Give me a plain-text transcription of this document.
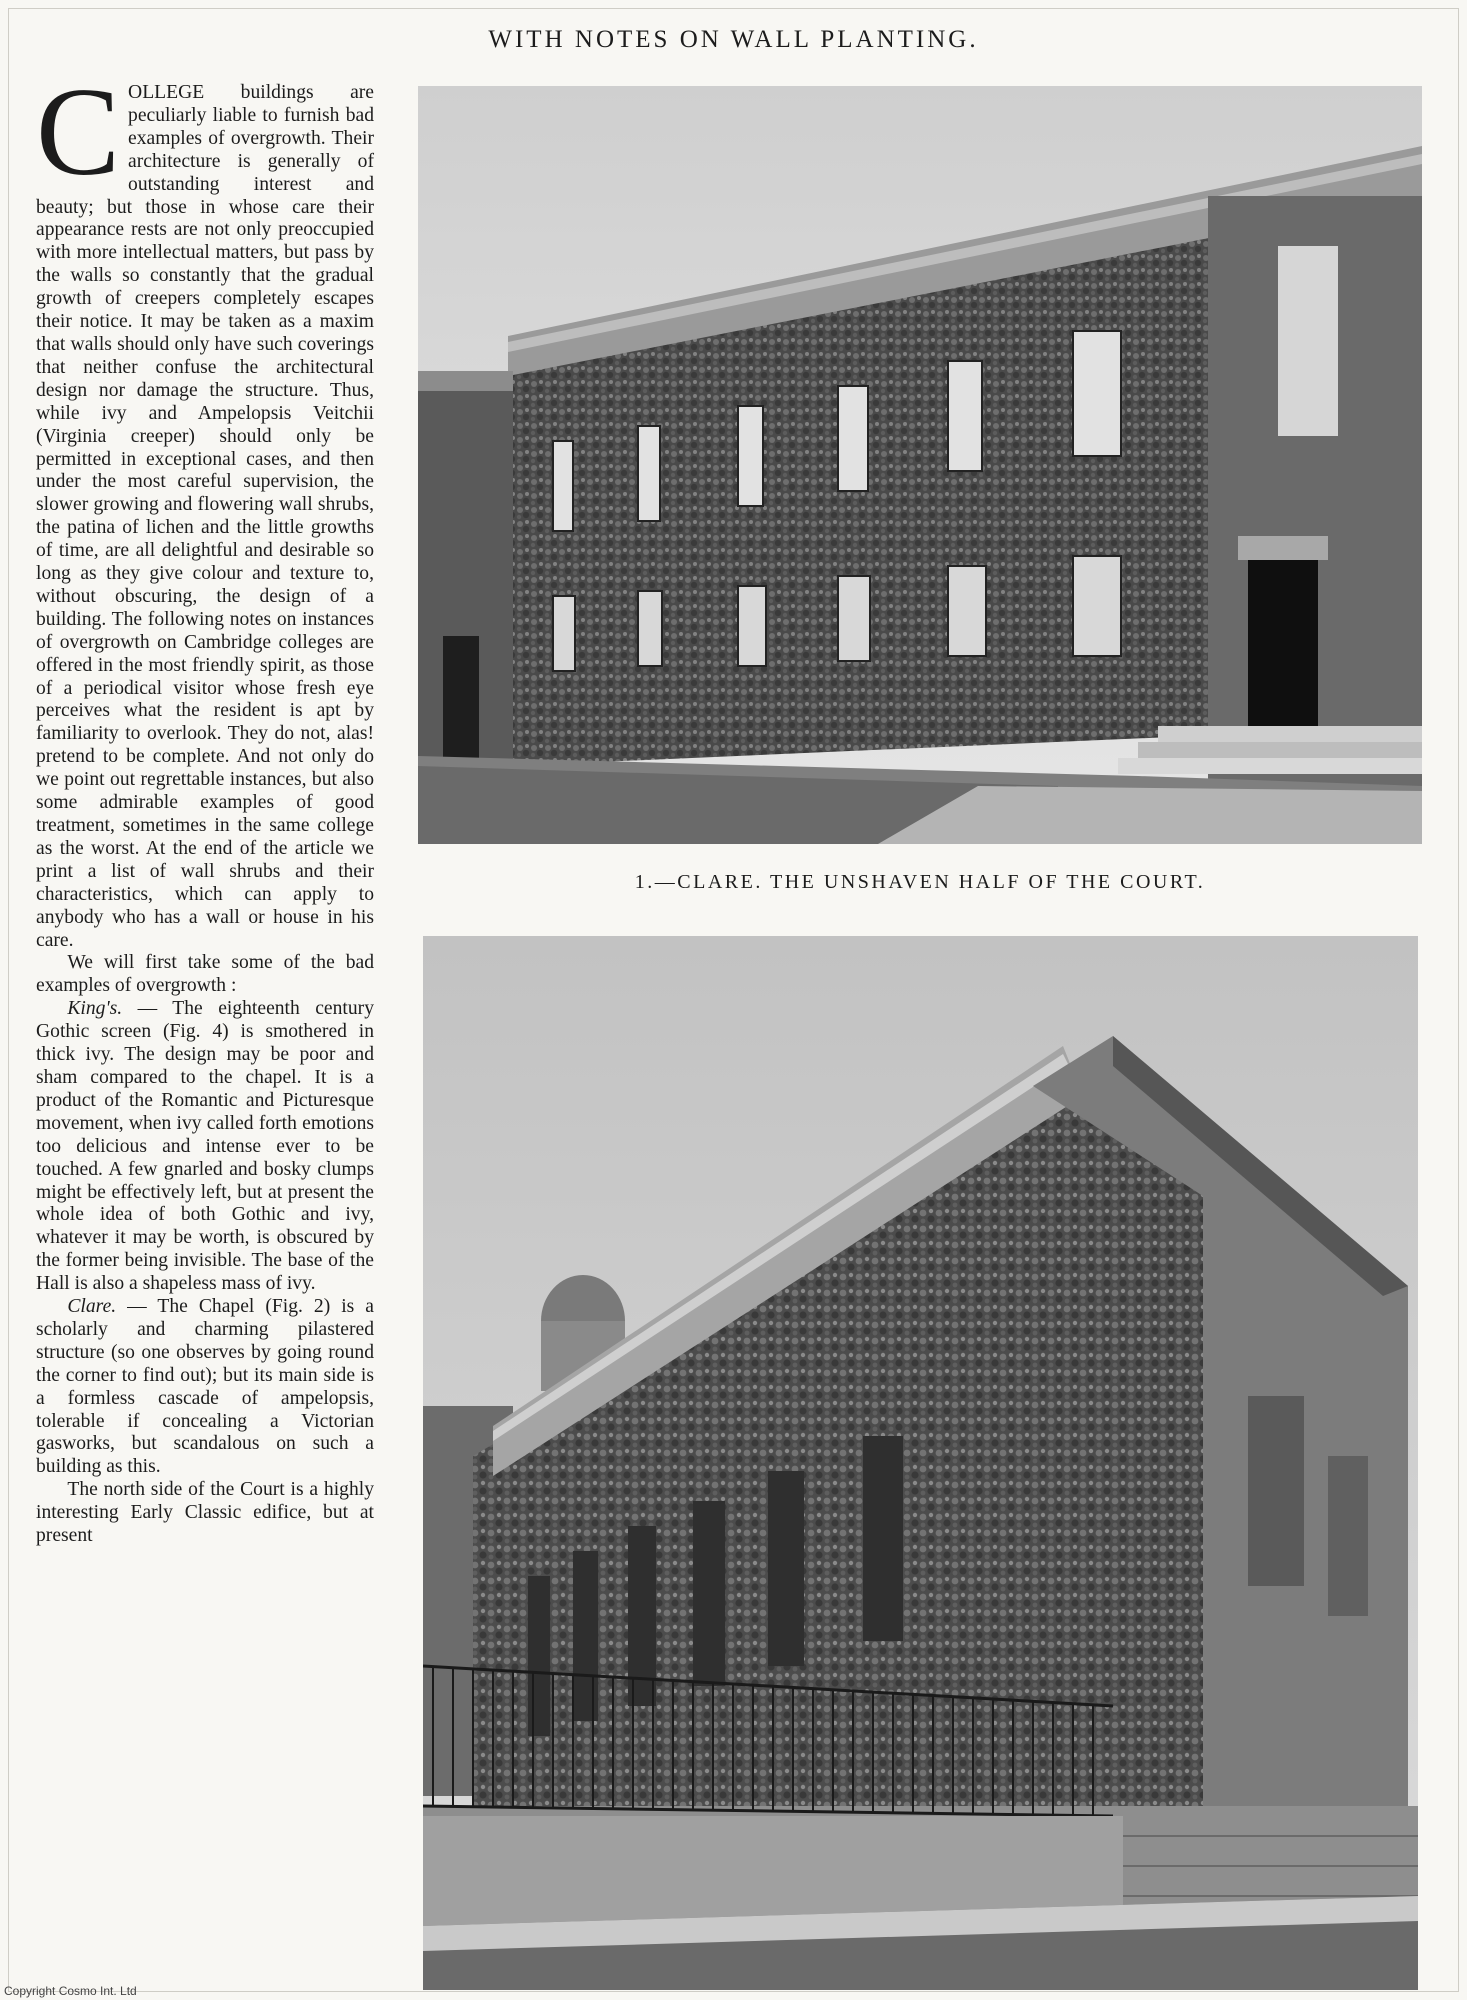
WITH NOTES ON WALL PLANTING.

COLLEGE buildings are peculiarly liable to furnish bad examples of overgrowth. Their architecture is generally of outstanding interest and beauty; but those in whose care their appearance rests are not only preoccupied with more intellectual matters, but pass by the walls so constantly that the gradual growth of creepers completely escapes their notice. It may be taken as a maxim that walls should only have such coverings that neither confuse the architectural design nor damage the structure. Thus, while ivy and Ampelopsis Veitchii (Virginia creeper) should only be permitted in exceptional cases, and then under the most careful supervision, the slower growing and flowering wall shrubs, the patina of lichen and the little growths of time, are all delightful and desirable so long as they give colour and texture to, without obscuring, the design of a building. The following notes on instances of overgrowth on Cambridge colleges are offered in the most friendly spirit, as those of a periodical visitor whose fresh eye perceives what the resident is apt by familiarity to overlook. They do not, alas! pretend to be complete. And not only do we point out regrettable instances, but also some admirable examples of good treatment, sometimes in the same college as the worst. At the end of the article we print a list of wall shrubs and their characteristics, which can apply to anybody who has a wall or house in his care.

We will first take some of the bad examples of overgrowth :

King's. — The eighteenth century Gothic screen (Fig. 4) is smothered in thick ivy. The design may be poor and sham compared to the chapel. It is a product of the Romantic and Picturesque movement, when ivy called forth emotions too delicious and intense ever to be touched. A few gnarled and bosky clumps might be effectively left, but at present the whole idea of both Gothic and ivy, whatever it may be worth, is obscured by the former being invisible. The base of the Hall is also a shapeless mass of ivy.

Clare. — The Chapel (Fig. 2) is a scholarly and charming pilastered structure (so one observes by going round the corner to find out); but its main side is a formless cascade of ampelopsis, tolerable if concealing a Victorian gasworks, but scandalous on such a building as this.

The north side of the Court is a highly interesting Early Classic edifice, but at present

1.—CLARE. THE UNSHAVEN HALF OF THE COURT.
Copyright Cosmo Int. Ltd
